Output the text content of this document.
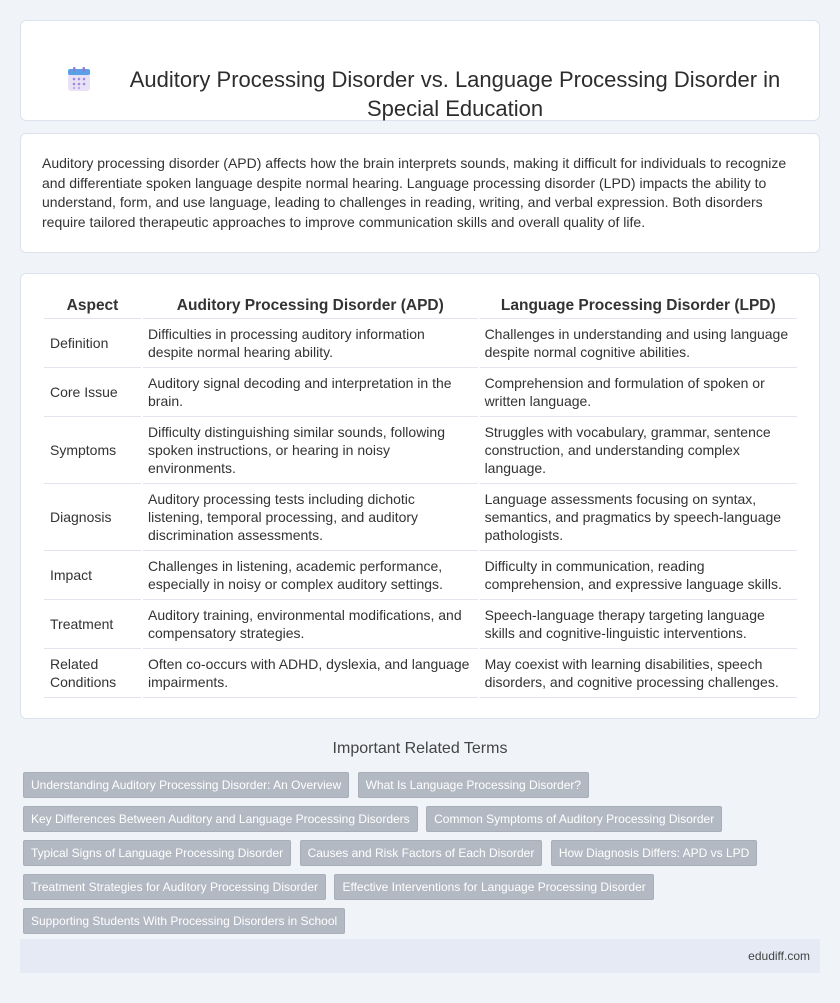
Auditory Processing Disorder vs. Language Processing Disorder in Special Education

Auditory processing disorder (APD) affects how the brain interprets sounds, making it difficult for individuals to recognize and differentiate spoken language despite normal hearing. Language processing disorder (LPD) impacts the ability to understand, form, and use language, leading to challenges in reading, writing, and verbal expression. Both disorders require tailored therapeutic approaches to improve communication skills and overall quality of life.

Aspect	Auditory Processing Disorder (APD)	Language Processing Disorder (LPD)
Definition	Difficulties in processing auditory information despite normal hearing ability.	Challenges in understanding and using language despite normal cognitive abilities.
Core Issue	Auditory signal decoding and interpretation in the brain.	Comprehension and formulation of spoken or written language.
Symptoms	Difficulty distinguishing similar sounds, following spoken instructions, or hearing in noisy environments.	Struggles with vocabulary, grammar, sentence construction, and understanding complex language.
Diagnosis	Auditory processing tests including dichotic listening, temporal processing, and auditory discrimination assessments.	Language assessments focusing on syntax, semantics, and pragmatics by speech-language pathologists.
Impact	Challenges in listening, academic performance, especially in noisy or complex auditory settings.	Difficulty in communication, reading comprehension, and expressive language skills.
Treatment	Auditory training, environmental modifications, and compensatory strategies.	Speech-language therapy targeting language skills and cognitive-linguistic interventions.
Related Conditions	Often co-occurs with ADHD, dyslexia, and language impairments.	May coexist with learning disabilities, speech disorders, and cognitive processing challenges.
Important Related Terms
Understanding Auditory Processing Disorder: An Overview What Is Language Processing Disorder? Key Differences Between Auditory and Language Processing Disorders Common Symptoms of Auditory Processing Disorder Typical Signs of Language Processing Disorder Causes and Risk Factors of Each Disorder How Diagnosis Differs: APD vs LPD Treatment Strategies for Auditory Processing Disorder Effective Interventions for Language Processing Disorder Supporting Students With Processing Disorders in School
edudiff.com
